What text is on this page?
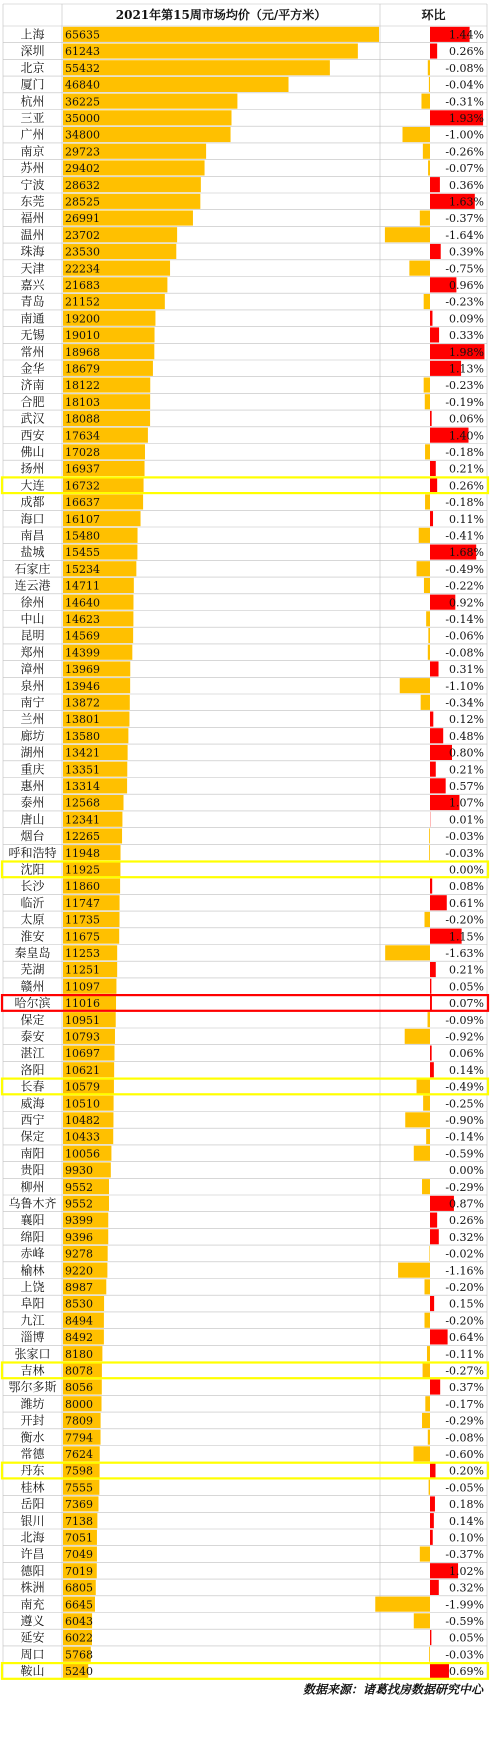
2021年第15周市场均价（元/平方米）	环比
上海 65635	1.44%
深圳 61243	0.26%
北京 55432	-0.08%
厦门 46840	-0.04%
杭州 36225	-0.31%
三亚 35000	1.93%
广州 34800	-1.00%
南京 29723	-0.26%
苏州 29402	-0.07%
宁波 28632	0.36%
东莞 28525	1.63%
福州 26991	-0.37%
温州 23702	-1.64%
珠海 23530	0.39%
天津 22234	-0.75%
嘉兴 21683	0.96%
青岛 21152	-0.23%
南通 19200	0.09%
无锡 19010	0.33%
常州 18968	1.98%
金华 18679	1.13%
济南 18122	-0.23%
合肥 18103	-0.19%
武汉 18088	0.06%
西安 17634	1.40%
佛山 17028	-0.18%
扬州 16937	0.21%
大连 16732	0.26%
成都 16637	-0.18%
海口 16107	0.11%
南昌 15480	-0.41%
盐城 15455	1.68%
石家庄 15234	-0.49%
连云港 14711	-0.22%
徐州 14640	0.92%
中山 14623	-0.14%
昆明 14569	-0.06%
郑州 14399	-0.08%
漳州 13969	0.31%
泉州 13946	-1.10%
南宁 13872	-0.34%
兰州 13801	0.12%
廊坊 13580	0.48%
湖州 13421	0.80%
重庆 13351	0.21%
惠州 13314	0.57%
泰州 12568	1.07%
唐山 12341	0.01%
烟台 12265	-0.03%
呼和浩特 11948	-0.03%
沈阳 11925	0.00%
长沙 11860	0.08%
临沂 11747	0.61%
太原 11735	-0.20%
淮安 11675	1.15%
秦皇岛 11253	-1.63%
芜湖 11251	0.21%
赣州 11097	0.05%
哈尔滨 11016	0.07%
保定 10951	-0.09%
泰安 10793	-0.92%
湛江 10697	0.06%
洛阳 10621	0.14%
长春 10579	-0.49%
威海 10510	-0.25%
西宁 10482	-0.90%
保定 10433	-0.14%
南阳 10056	-0.59%
贵阳 9930	0.00%
柳州 9552	-0.29%
乌鲁木齐 9552	0.87%
襄阳 9399	0.26%
绵阳 9396	0.32%
赤峰 9278	-0.02%
榆林 9220	-1.16%
上饶 8987	-0.20%
阜阳 8530	0.15%
九江 8494	-0.20%
淄博 8492	0.64%
张家口 8180	-0.11%
吉林 8078	-0.27%
鄂尔多斯 8056	0.37%
潍坊 8000	-0.17%
开封 7809	-0.29%
衡水 7794	-0.08%
常德 7624	-0.60%
丹东 7598	0.20%
桂林 7555	-0.05%
岳阳 7369	0.18%
银川 7138	0.14%
北海 7051	0.10%
许昌 7049	-0.37%
德阳 7019	1.02%
株洲 6805	0.32%
南充 6645	-1.99%
遵义 6043	-0.59%
延安 6022	0.05%
周口 5768	-0.03%
鞍山 5240	0.69%
数据来源：诸葛找房数据研究中心
